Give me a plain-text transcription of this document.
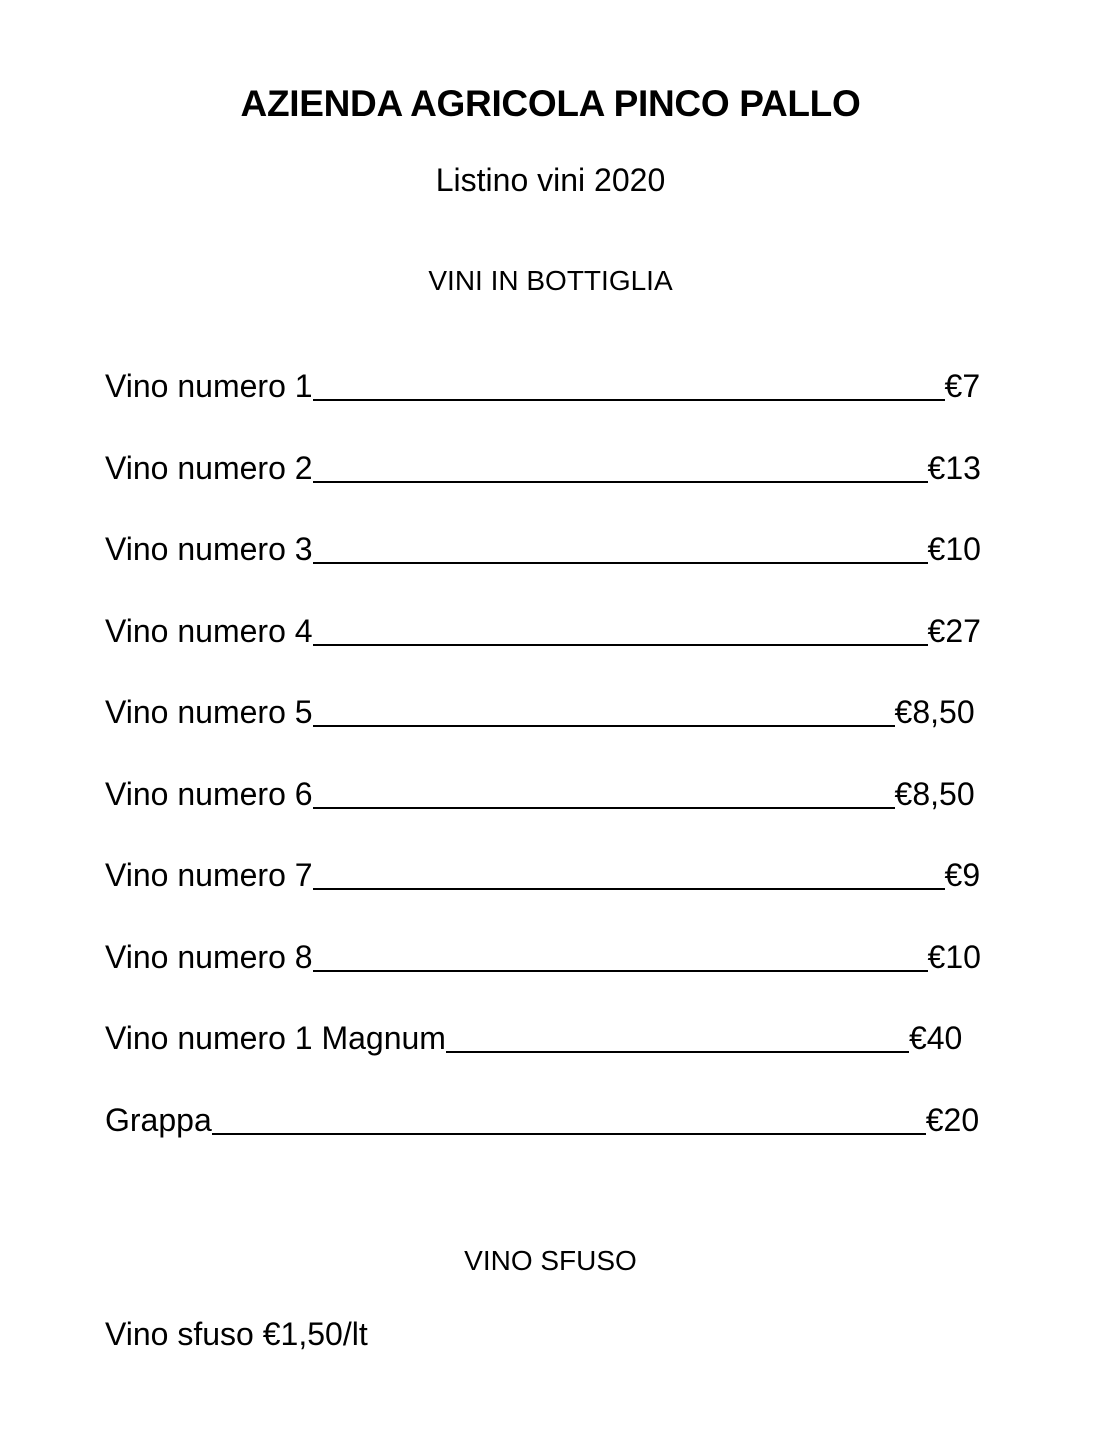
AZIENDA AGRICOLA PINCO PALLO
Listino vini 2020
VINI IN BOTTIGLIA
Vino numero 1	€7
Vino numero 2	€13
Vino numero 3	€10
Vino numero 4	€27
Vino numero 5	€8,50
Vino numero 6	€8,50
Vino numero 7	€9
Vino numero 8	€10
Vino numero 1 Magnum	€40
Grappa	€20
VINO SFUSO
Vino sfuso €1,50/lt
